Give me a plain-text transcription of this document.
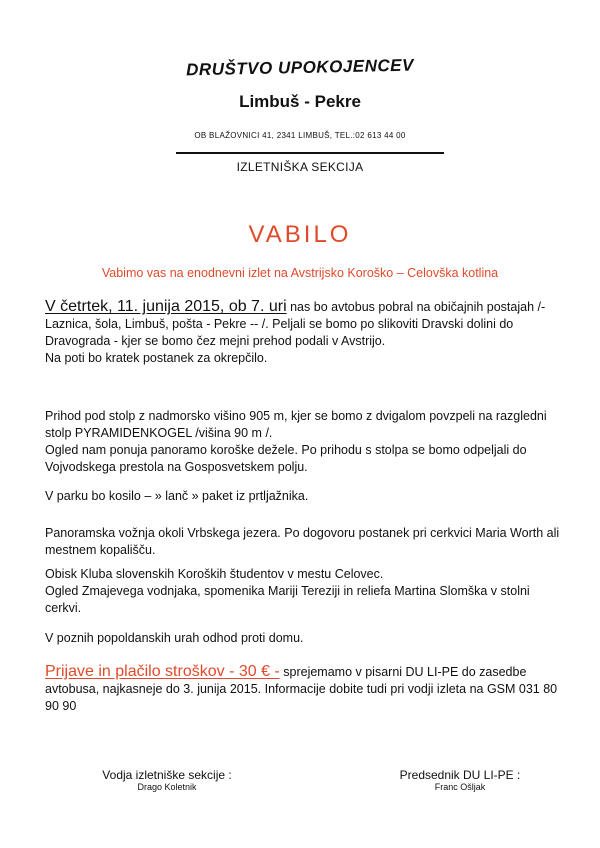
DRUŠTVO UPOKOJENCEV
Limbuš - Pekre
OB BLAŽOVNICI 41, 2341 LIMBUŠ, TEL.:02 613 44 00
IZLETNIŠKA SEKCIJA
VABILO
Vabimo vas na enodnevni izlet na Avstrijsko Koroško – Celovška kotlina
V četrtek, 11. junija 2015, ob 7. uri nas bo avtobus pobral na običajnih postajah /- Laznica, šola, Limbuš, pošta - Pekre -- /. Peljali se bomo po slikoviti Dravski dolini do Dravograda - kjer se bomo čez mejni prehod podali v Avstrijo.
Na poti bo kratek postanek za okrepčilo.
Prihod pod stolp z nadmorsko višino 905 m, kjer se bomo z dvigalom povzpeli na razgledni stolp PYRAMIDENKOGEL /višina 90 m /.
Ogled nam ponuja panoramo koroške dežele. Po prihodu s stolpa se bomo odpeljali do Vojvodskega prestola na Gosposvetskem polju.
V parku bo kosilo – » lanč » paket iz prtljažnika.
Panoramska vožnja okoli Vrbskega jezera. Po dogovoru postanek pri cerkvici Maria Worth ali mestnem kopališču.
Obisk Kluba slovenskih Koroških študentov v mestu Celovec.
Ogled Zmajevega vodnjaka, spomenika Mariji Tereziji in reliefa Martina Slomška v stolni cerkvi.
V poznih popoldanskih urah odhod proti domu.
Prijave in plačilo stroškov - 30 € - sprejemamo v pisarni DU LI-PE do zasedbe avtobusa, najkasneje do 3. junija 2015. Informacije dobite tudi pri vodji izleta na GSM 031 80 90 90
Vodja izletniške sekcije :
Drago Koletnik
Predsednik DU LI-PE :
Franc Ošljak
